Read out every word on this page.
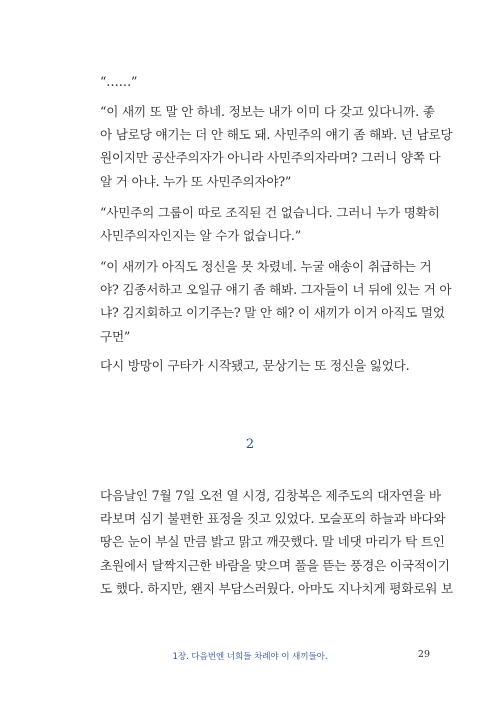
“……”
“이 새끼 또 말 안 하네. 정보는 내가 이미 다 갖고 있다니까. 좋
아 남로당 얘기는 더 안 해도 돼. 사민주의 얘기 좀 해봐. 넌 남로당
원이지만 공산주의자가 아니라 사민주의자라며? 그러니 양쪽 다
알 거 아냐. 누가 또 사민주의자야?”
“사민주의 그룹이 따로 조직된 건 없습니다. 그러니 누가 명확히
사민주의자인지는 알 수가 없습니다.”
“이 새끼가 아직도 정신을 못 차렸네. 누굴 애송이 취급하는 거
야? 김종서하고 오일규 얘기 좀 해봐. 그자들이 너 뒤에 있는 거 아
냐? 김지회하고 이기주는? 말 안 해? 이 새끼가 이거 아직도 멀었
구먼”
다시 방망이 구타가 시작됐고, 문상기는 또 정신을 잃었다.
2
다음날인 7월 7일 오전 열 시경, 김창복은 제주도의 대자연을 바
라보며 심기 불편한 표정을 짓고 있었다. 모슬포의 하늘과 바다와
땅은 눈이 부실 만큼 밝고 맑고 깨끗했다. 말 네댓 마리가 탁 트인
초원에서 달짝지근한 바람을 맞으며 풀을 뜯는 풍경은 이국적이기
도 했다. 하지만, 왠지 부담스러웠다. 아마도 지나치게 평화로워 보
1장. 다음번엔 너희들 차례야 이 새끼들아.	29
